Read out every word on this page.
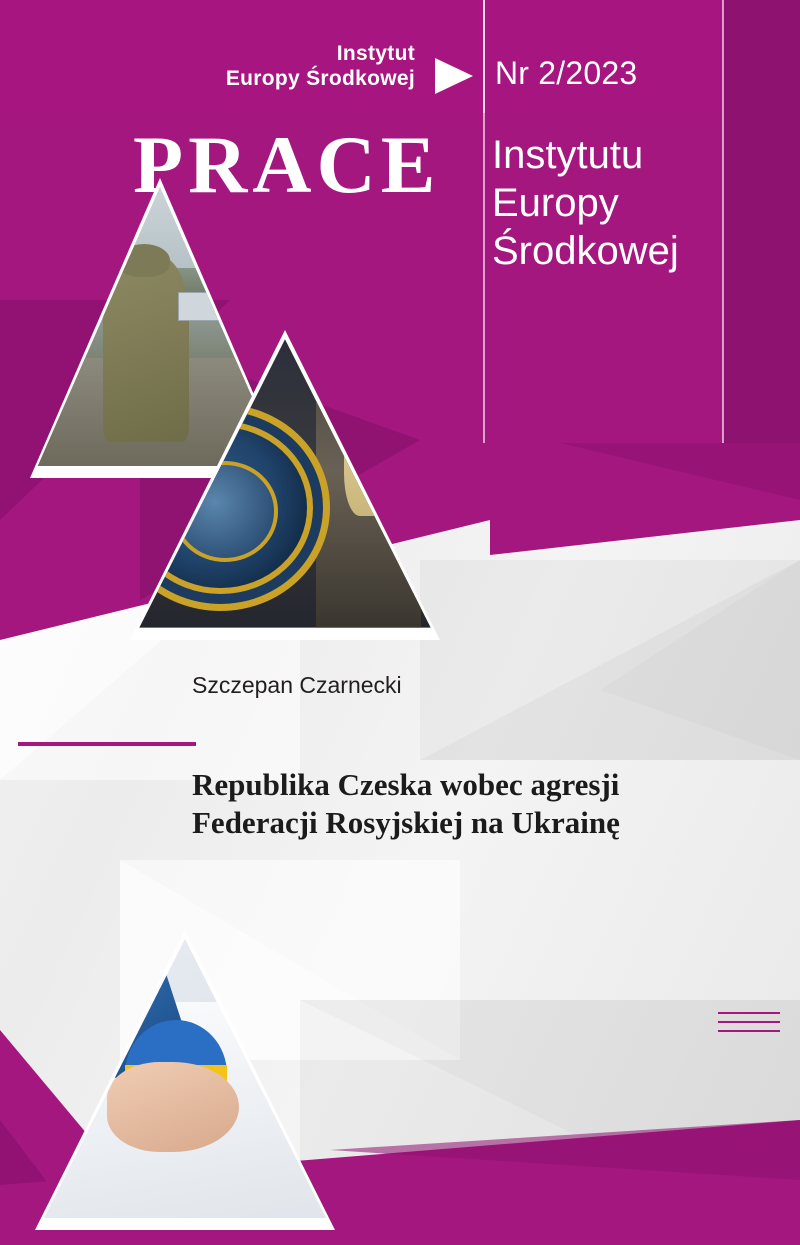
Instytut
Europy Środkowej	Nr 2/2023
PRACE Instytutu
Europy
Środkowej
Szczepan Czarnecki
Republika Czeska wobec agresji
Federacji Rosyjskiej na Ukrainę
